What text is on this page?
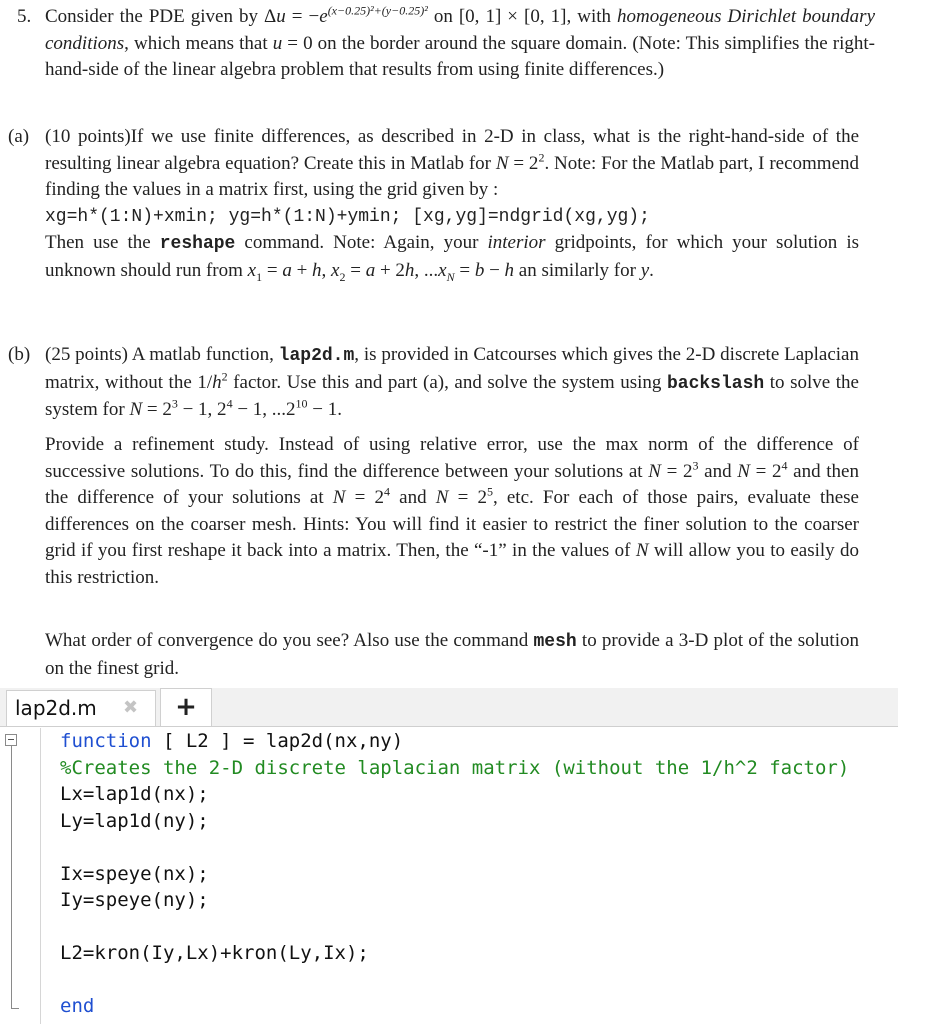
5. Consider the PDE given by $\Delta u = -e^{(x-0.25)^2+(y-0.25)^2}$ on [0, 1] × [0, 1], with homogeneous Dirichlet boundary conditions, which means that u = 0 on the border around the square domain. (Note: This simplifies the right-hand-side of the linear algebra problem that results from using finite differences.)

(a) (10 points)If we use finite differences, as described in 2-D in class, what is the right-hand-side of the resulting linear algebra equation? Create this in Matlab for $N = 2^2$. Note: For the Matlab part, I recommend finding the values in a matrix first, using the grid given by :
xg=h*(1:N)+xmin; yg=h*(1:N)+ymin; [xg,yg]=ndgrid(xg,yg);
Then use the reshape command. Note: Again, your interior gridpoints, for which your solution is unknown should run from $x_1 = a + h$, $x_2 = a + 2h$, $...x_N = b - h$ an similarly for y.

(b) (25 points) A matlab function, lap2d.m, is provided in Catcourses which gives the 2-D discrete Laplacian matrix, without the $1/h^2$ factor. Use this and part (a), and solve the system using backslash to solve the system for $N = 2^3 - 1$, $2^4 - 1$, $...2^{10} - 1$.

Provide a refinement study. Instead of using relative error, use the max norm of the difference of successive solutions. To do this, find the difference between your solutions at $N = 2^3$ and $N = 2^4$ and then the difference of your solutions at $N = 2^4$ and $N = 2^5$, etc. For each of those pairs, evaluate these differences on the coarser mesh. Hints: You will find it easier to restrict the finer solution to the coarser grid if you first reshape it back into a matrix. Then, the “-1” in the values of N will allow you to easily do this restriction.

What order of convergence do you see? Also use the command mesh to provide a 3-D plot of the solution on the finest grid.

lap2d.m ✖	+
function [ L2 ] = lap2d(nx,ny)
%Creates the 2-D discrete laplacian matrix (without the 1/h^2 factor)
Lx=lap1d(nx);
Ly=lap1d(ny);

Ix=speye(nx);
Iy=speye(ny);

L2=kron(Iy,Lx)+kron(Ly,Ix);

end
